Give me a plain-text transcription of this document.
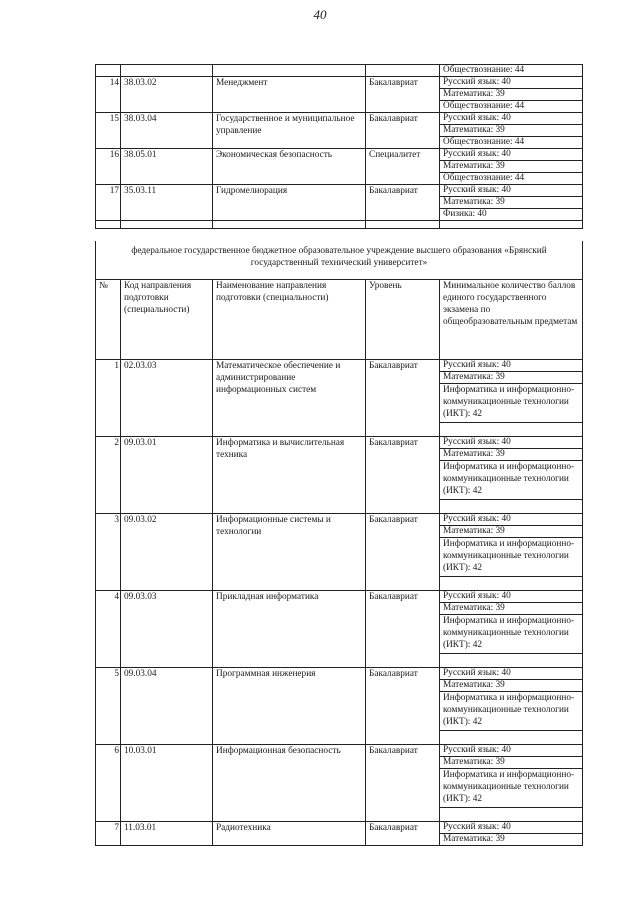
40
				Обществознание: 44
14	38.03.02	Менеджмент	Бакалавриат	Русский язык: 40
				Математика: 39
				Обществознание: 44
15	38.03.04	Государственное и муниципальное управление	Бакалавриат	Русский язык: 40
				Математика: 39
				Обществознание: 44
16	38.05.01	Экономическая безопасность	Специалитет	Русский язык: 40
				Математика: 39
				Обществознание: 44
17	35.03.11	Гидромелиорация	Бакалавриат	Русский язык: 40
				Математика: 39
				Физика: 40

федеральное государственное бюджетное образовательное учреждение высшего образования «Брянский государственный технический университет»				
№	Код направления подготовки (специальности)	Наименование направления подготовки (специальности)	Уровень	Минимальное количество баллов единого государственного экзамена по общеобразовательным предметам
1	02.03.03	Математическое обеспечение и администрирование информационных систем	Бакалавриат	Русский язык: 40
				Математика: 39
				Информатика и информационно-коммуникационные технологии (ИКТ): 42

2	09.03.01	Информатика и вычислительная техника	Бакалавриат	Русский язык: 40
				Математика: 39
				Информатика и информационно-коммуникационные технологии (ИКТ): 42

3	09.03.02	Информационные системы и технологии	Бакалавриат	Русский язык: 40
				Математика: 39
				Информатика и информационно-коммуникационные технологии (ИКТ): 42

4	09.03.03	Прикладная информатика	Бакалавриат	Русский язык: 40
				Математика: 39
				Информатика и информационно-коммуникационные технологии (ИКТ): 42

5	09.03.04	Программная инженерия	Бакалавриат	Русский язык: 40
				Математика: 39
				Информатика и информационно-коммуникационные технологии (ИКТ): 42

6	10.03.01	Информационная безопасность	Бакалавриат	Русский язык: 40
				Математика: 39
				Информатика и информационно-коммуникационные технологии (ИКТ): 42

7	11.03.01	Радиотехника	Бакалавриат	Русский язык: 40
				Математика: 39
